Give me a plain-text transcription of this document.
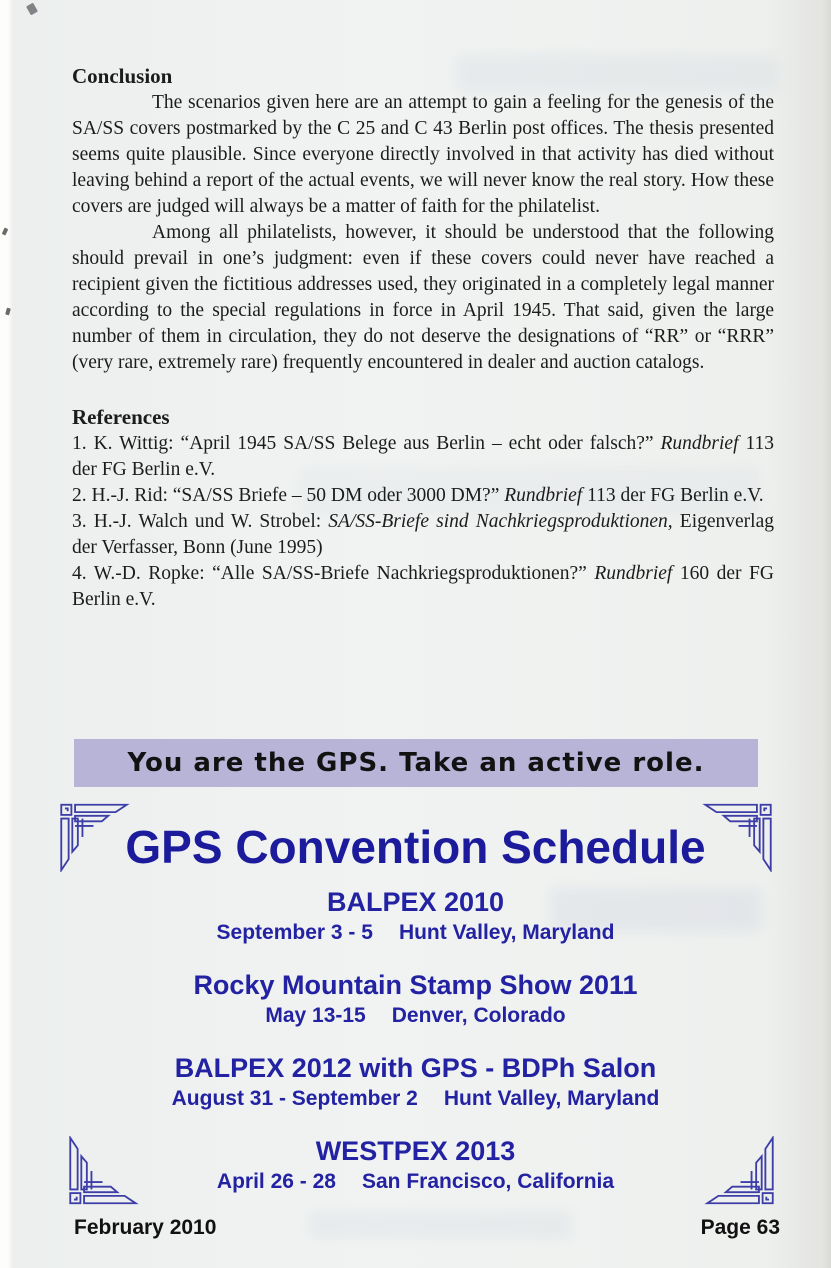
Conclusion

The scenarios given here are an attempt to gain a feeling for the genesis of the SA/SS covers postmarked by the C 25 and C 43 Berlin post offices. The thesis presented seems quite plausible. Since everyone directly involved in that activity has died without leaving behind a report of the actual events, we will never know the real story. How these covers are judged will always be a matter of faith for the philatelist.

Among all philatelists, however, it should be understood that the following should prevail in one’s judgment: even if these covers could never have reached a recipient given the fictitious addresses used, they originated in a completely legal manner according to the special regulations in force in April 1945. That said, given the large number of them in circulation, they do not deserve the designations of “RR” or “RRR” (very rare, extremely rare) frequently encountered in dealer and auction catalogs.

References

1. K. Wittig: “April 1945 SA/SS Belege aus Berlin – echt oder falsch?” Rundbrief 113 der FG Berlin e.V.

2. H.-J. Rid: “SA/SS Briefe – 50 DM oder 3000 DM?” Rundbrief 113 der FG Berlin e.V.

3. H.-J. Walch und W. Strobel: SA/SS-Briefe sind Nachkriegsproduktionen, Eigenverlag der Verfasser, Bonn (June 1995)

4. W.-D. Ropke: “Alle SA/SS-Briefe Nachkriegsproduktionen?” Rundbrief 160 der FG Berlin e.V.

You are the GPS. Take an active role.
GPS Convention Schedule
BALPEX 2010
September 3 - 5 Hunt Valley, Maryland
Rocky Mountain Stamp Show 2011
May 13-15 Denver, Colorado
BALPEX 2012 with GPS - BDPh Salon
August 31 - September 2 Hunt Valley, Maryland
WESTPEX 2013
April 26 - 28 San Francisco, California
February 2010	Page 63
